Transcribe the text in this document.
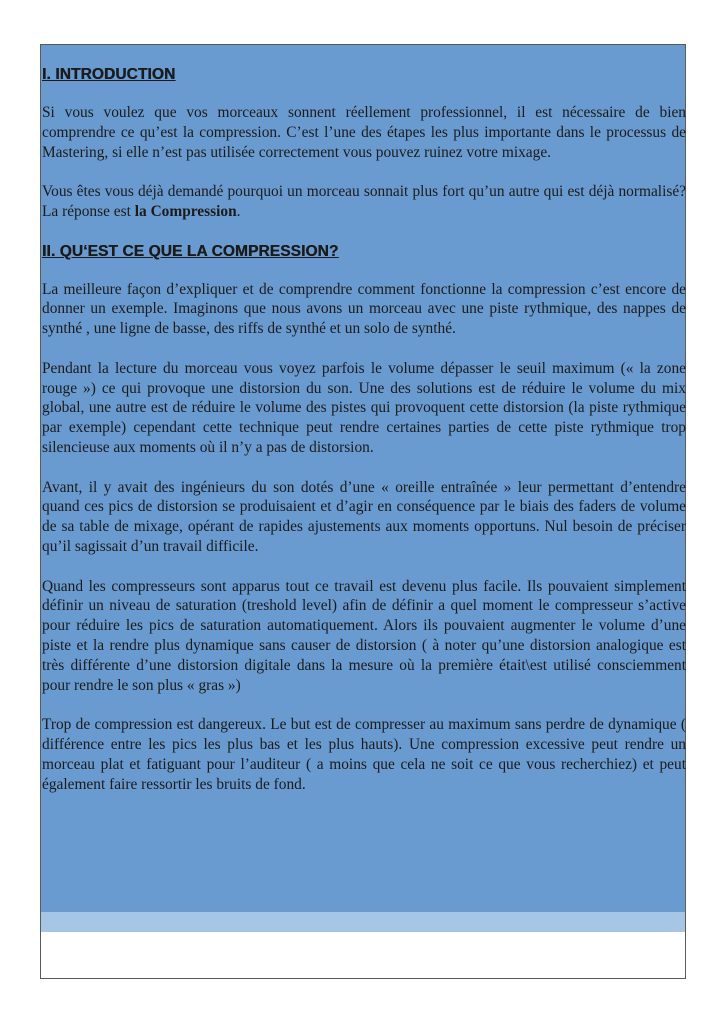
I. INTRODUCTION

Si vous voulez que vos morceaux sonnent réellement professionnel, il est nécessaire de bien comprendre ce qu’est la compression. C’est l’une des étapes les plus importante dans le processus de Mastering, si elle n’est pas utilisée correctement vous pouvez ruinez votre mixage.

Vous êtes vous déjà demandé pourquoi un morceau sonnait plus fort qu’un autre qui est déjà normalisé? La réponse est la Compression.

II. QU‘EST CE QUE LA COMPRESSION?

La meilleure façon d’expliquer et de comprendre comment fonctionne la compression c’est encore de donner un exemple. Imaginons que nous avons un morceau avec une piste rythmique, des nappes de synthé , une ligne de basse, des riffs de synthé et un solo de synthé.

Pendant la lecture du morceau vous voyez parfois le volume dépasser le seuil maximum (« la zone rouge ») ce qui provoque une distorsion du son. Une des solutions est de réduire le volume du mix global, une autre est de réduire le volume des pistes qui provoquent cette distorsion (la piste rythmique par exemple) cependant cette technique peut rendre certaines parties de cette piste rythmique trop silencieuse aux moments où il n’y a pas de distorsion.

Avant, il y avait des ingénieurs du son dotés d’une « oreille entraînée » leur permettant d’entendre quand ces pics de distorsion se produisaient et d’agir en conséquence par le biais des faders de volume de sa table de mixage, opérant de rapides ajustements aux moments opportuns. Nul besoin de préciser qu’il sagissait d’un travail difficile.

Quand les compresseurs sont apparus tout ce travail est devenu plus facile. Ils pouvaient simplement définir un niveau de saturation (treshold level) afin de définir a quel moment le compresseur s’active pour réduire les pics de saturation automatiquement. Alors ils pouvaient augmenter le volume d’une piste et la rendre plus dynamique sans causer de distorsion ( à noter qu’une distorsion analogique est très différente d’une distorsion digitale dans la mesure où la première était\est utilisé consciemment pour rendre le son plus « gras »)

Trop de compression est dangereux. Le but est de compresser au maximum sans perdre de dynamique ( différence entre les pics les plus bas et les plus hauts). Une compression excessive peut rendre un morceau plat et fatiguant pour l’auditeur ( a moins que cela ne soit ce que vous recherchiez) et peut également faire ressortir les bruits de fond.
